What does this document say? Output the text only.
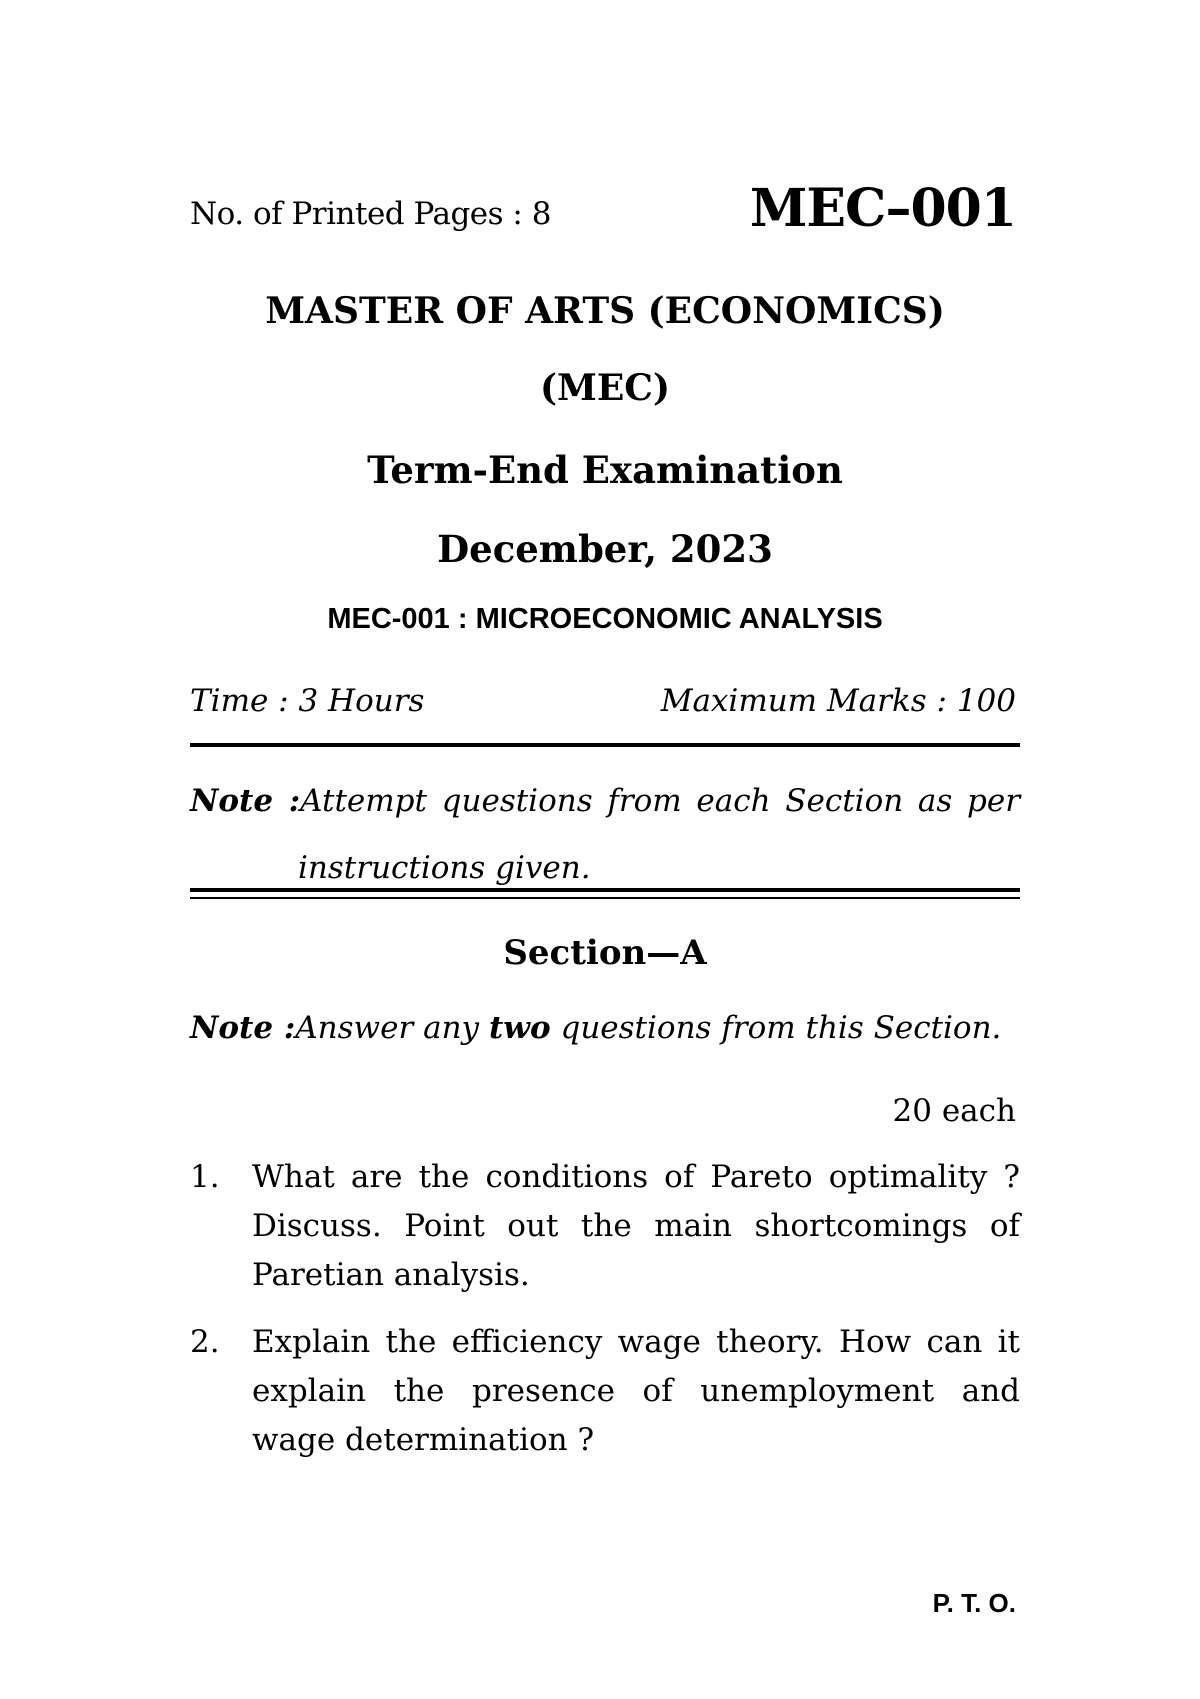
No. of Printed Pages : 8	MEC–001
MASTER OF ARTS (ECONOMICS)
(MEC)
Term-End Examination
December, 2023
MEC-001 : MICROECONOMIC ANALYSIS
Time : 3 Hours	Maximum Marks : 100
Note :Attempt questions from each Section as per
instructions given.
Section—A
Note :Answer any two questions from this Section.
20 each
1. What are the conditions of Pareto optimality ? Discuss. Point out the main shortcomings of Paretian analysis.
2. Explain the efficiency wage theory. How can it explain the presence of unemployment and wage determination ?
P. T. O.
